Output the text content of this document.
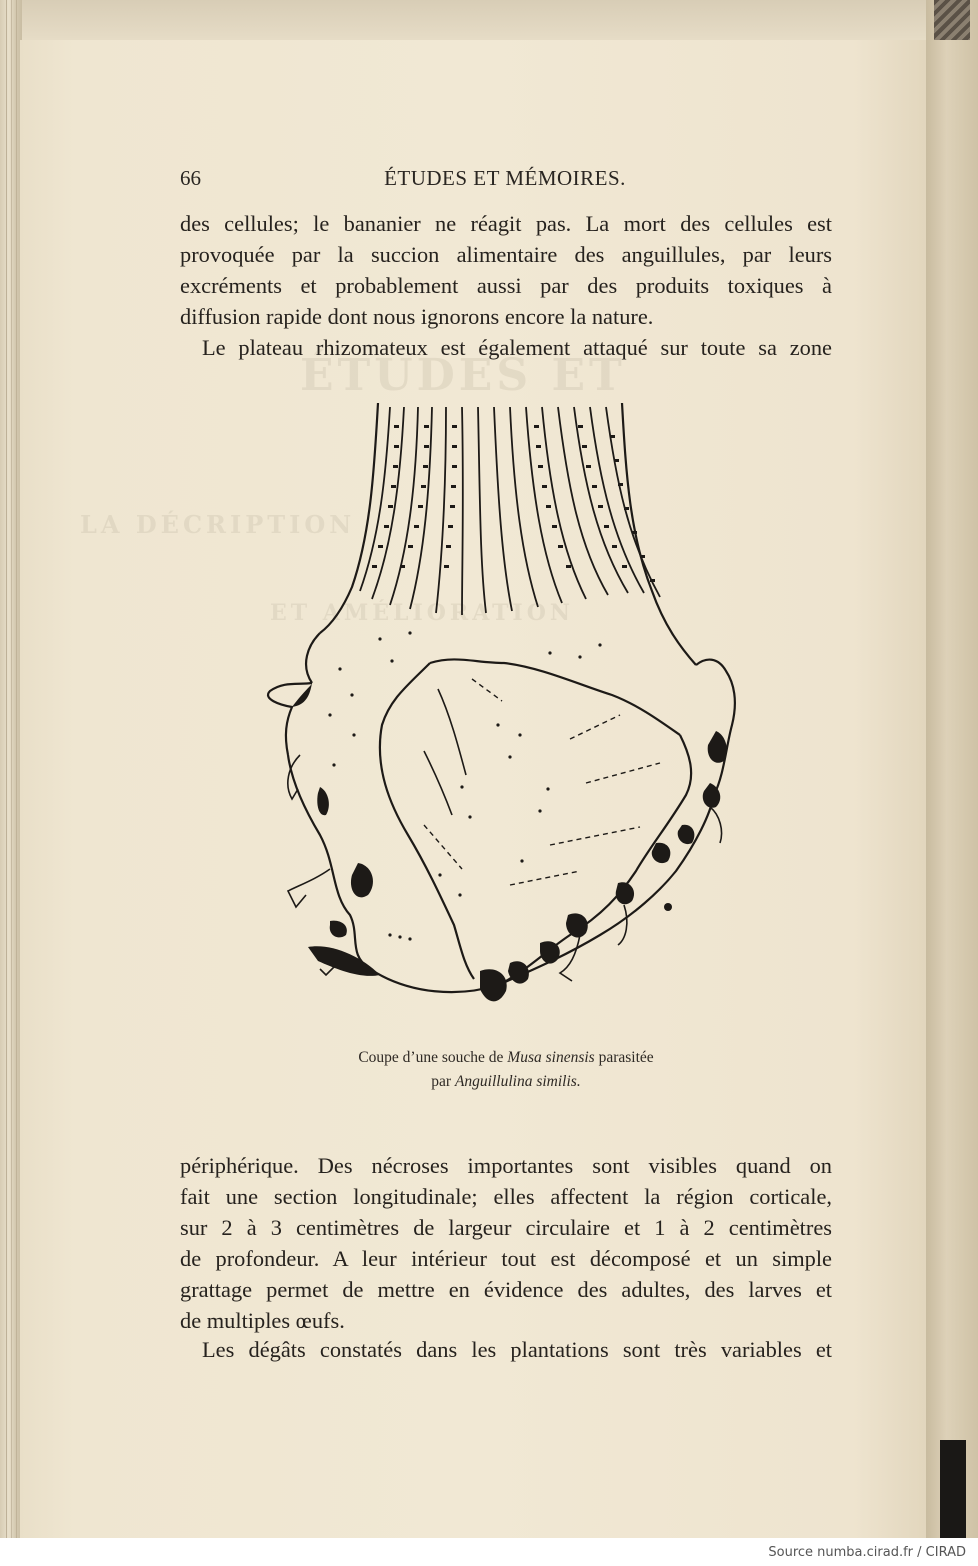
ÉTUDES ET
LA DÉCRIPTION
ET AMÉLIORATION
66	ÉTUDES ET MÉMOIRES.
des cellules; le bananier ne réagit pas. La mort des cellules est
provoquée par la succion alimentaire des anguillules, par leurs
excréments et probablement aussi par des produits toxiques à
diffusion rapide dont nous ignorons encore la nature.
Le plateau rhizomateux est également attaqué sur toute sa zone
Coupe d’une souche de Musa sinensis parasitée
par Anguillulina similis.
périphérique. Des nécroses importantes sont visibles quand on
fait une section longitudinale; elles affectent la région corticale,
sur 2 à 3 centimètres de largeur circulaire et 1 à 2 centimètres
de profondeur. A leur intérieur tout est décomposé et un simple
grattage permet de mettre en évidence des adultes, des larves et
de multiples œufs.
Les dégâts constatés dans les plantations sont très variables et
Source numba.cirad.fr / CIRAD
